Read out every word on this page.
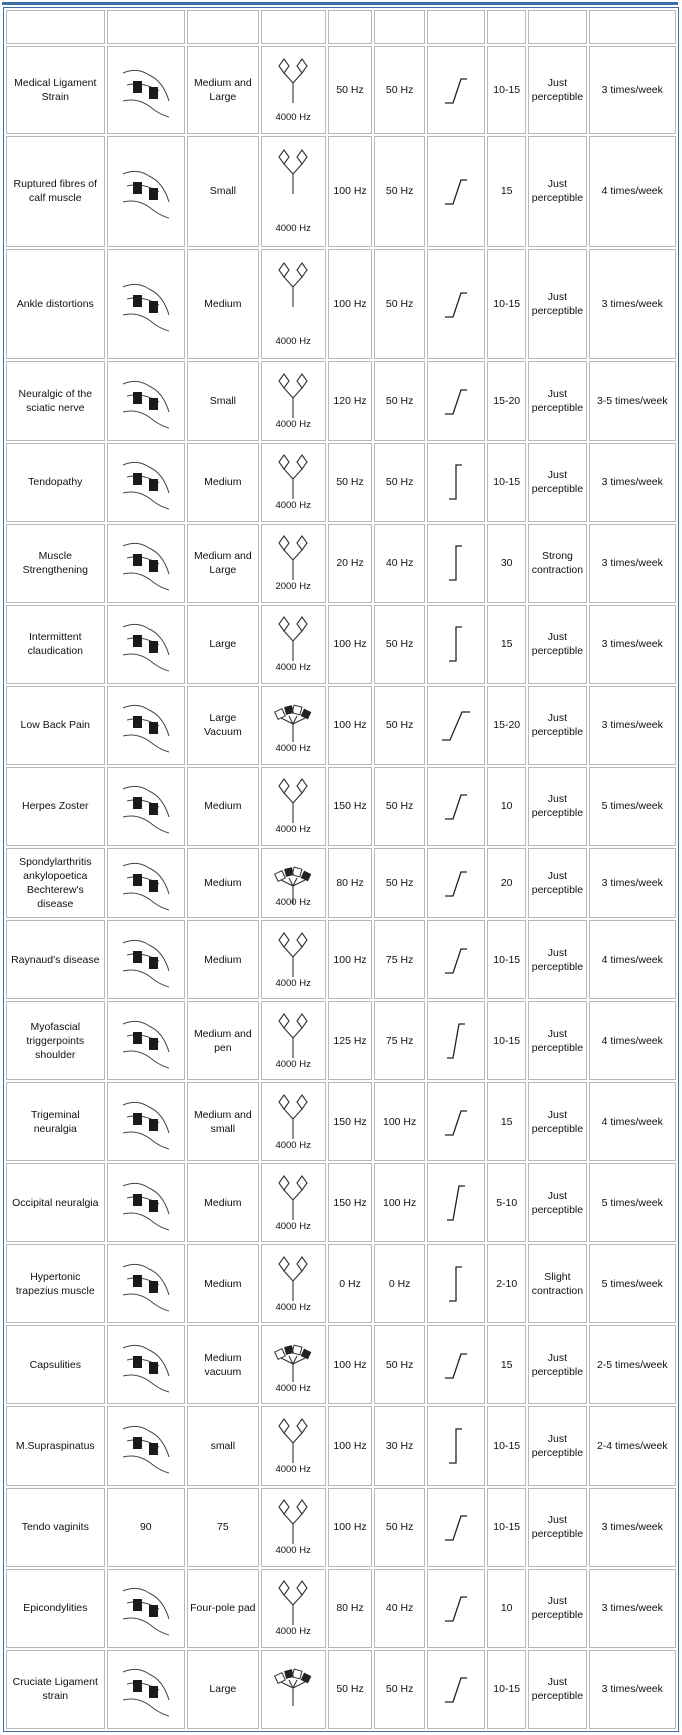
Medical Ligament Strain		Medium and Large	4000 Hz	50 Hz	50 Hz		10-15	Just perceptible	3 times/week
Ruptured fibres of calf muscle		Small	4000 Hz	100 Hz	50 Hz		15	Just perceptible	4 times/week
Ankle distortions		Medium	4000 Hz	100 Hz	50 Hz		10-15	Just perceptible	3 times/week
Neuralgic of the sciatic nerve		Small	4000 Hz	120 Hz	50 Hz		15-20	Just perceptible	3-5 times/week
Tendopathy		Medium	4000 Hz	50 Hz	50 Hz		10-15	Just perceptible	3 times/week
Muscle Strengthening		Medium and Large	2000 Hz	20 Hz	40 Hz		30	Strong contraction	3 times/week
Intermittent claudication		Large	4000 Hz	100 Hz	50 Hz		15	Just perceptible	3 times/week
Low Back Pain		Large Vacuum	4000 Hz	100 Hz	50 Hz		15-20	Just perceptible	3 times/week
Herpes Zoster		Medium	4000 Hz	150 Hz	50 Hz		10	Just perceptible	5 times/week
Spondylarthritis ankylopoetica Bechterew's disease		Medium	4000 Hz	80 Hz	50 Hz		20	Just perceptible	3 times/week
Raynaud's disease		Medium	4000 Hz	100 Hz	75 Hz		10-15	Just perceptible	4 times/week
Myofascial triggerpoints shoulder		Medium and pen	4000 Hz	125 Hz	75 Hz		10-15	Just perceptible	4 times/week
Trigeminal neuralgia		Medium and small	4000 Hz	150 Hz	100 Hz		15	Just perceptible	4 times/week
Occipital neuralgia		Medium	4000 Hz	150 Hz	100 Hz		5-10	Just perceptible	5 times/week
Hypertonic trapezius muscle		Medium	4000 Hz	0 Hz	0 Hz		2-10	Slight contraction	5 times/week
Capsulities		Medium vacuum	4000 Hz	100 Hz	50 Hz		15	Just perceptible	2-5 times/week
M.Supraspinatus		small	4000 Hz	100 Hz	30 Hz		10-15	Just perceptible	2-4 times/week
Tendo vaginits	90	75	4000 Hz	100 Hz	50 Hz		10-15	Just perceptible	3 times/week
Epicondylities		Four-pole pad	4000 Hz	80 Hz	40 Hz		10	Just perceptible	3 times/week
Cruciate Ligament strain		Large		50 Hz	50 Hz		10-15	Just perceptible	3 times/week
